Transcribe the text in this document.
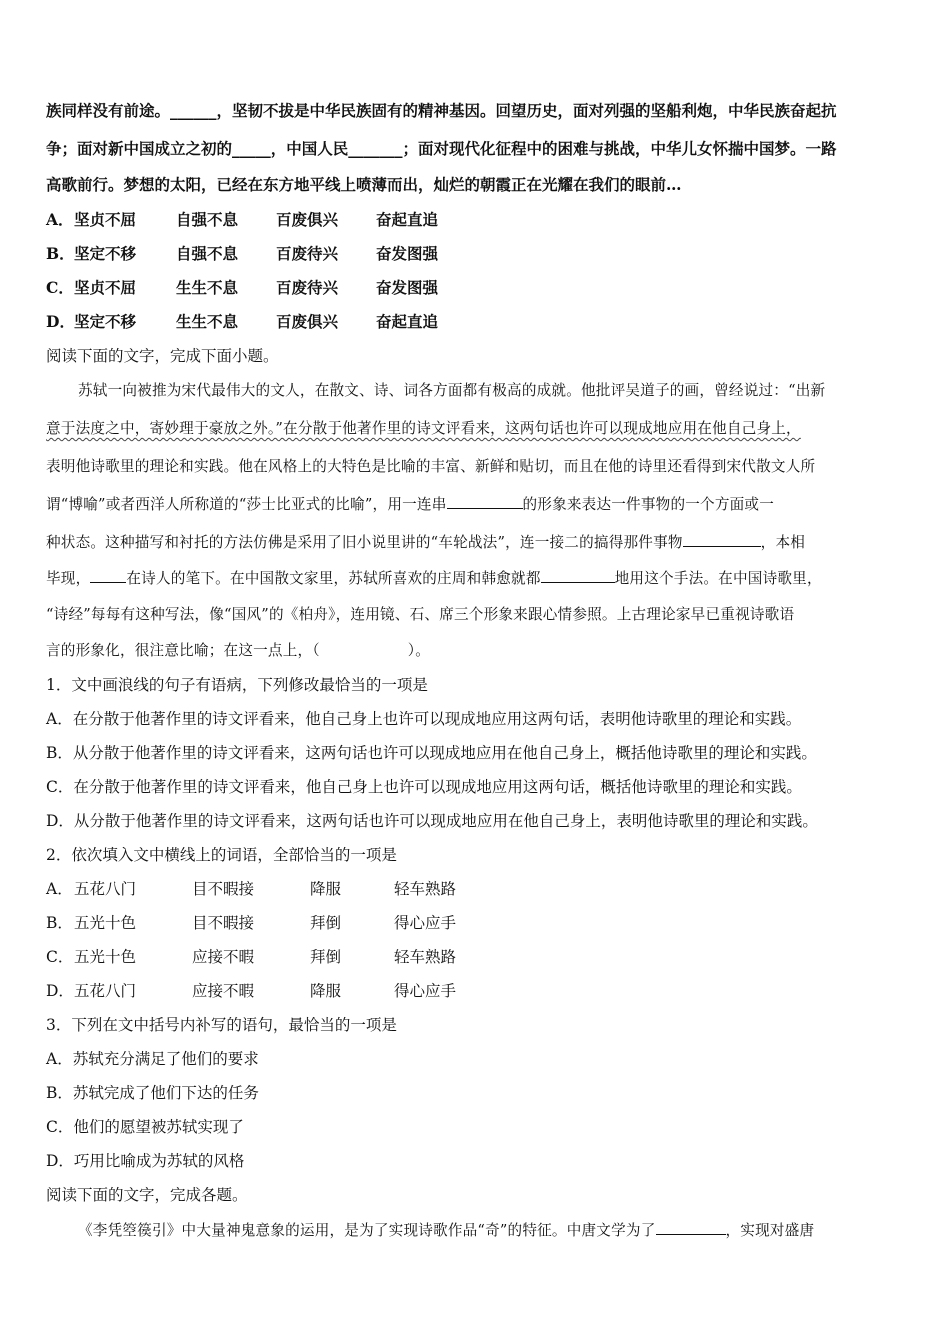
族同样没有前途。______，坚韧不拔是中华民族固有的精神基因。回望历史，面对列强的坚船利炮，中华民族奋起抗
争；面对新中国成立之初的_____，中国人民_______；面对现代化征程中的困难与挑战，中华儿女怀揣中国梦。一路
高歌前行。梦想的太阳，已经在东方地平线上喷薄而出，灿烂的朝霞正在光耀在我们的眼前…
A．坚贞不屈	自强不息 百废俱兴 奋起直追
B．坚定不移	自强不息 百废待兴 奋发图强
C．坚贞不屈	生生不息 百废待兴 奋发图强
D．坚定不移	生生不息 百废俱兴 奋起直追
阅读下面的文字，完成下面小题。
苏轼一向被推为宋代最伟大的文人，在散文、诗、词各方面都有极高的成就。他批评吴道子的画，曾经说过：“出新
意于法度之中，寄妙理于豪放之外。”在分散于他著作里的诗文评看来，这两句话也许可以现成地应用在他自己身上，
表明他诗歌里的理论和实践。他在风格上的大特色是比喻的丰富、新鲜和贴切，而且在他的诗里还看得到宋代散文人所
谓“博喻”或者西洋人所称道的“莎士比亚式的比喻”，用一连串	的形象来表达一件事物的一个方面或一
种状态。这种描写和衬托的方法仿佛是采用了旧小说里讲的“车轮战法”，连一接二的搞得那件事物	，本相
毕现， 在诗人的笔下。在中国散文家里，苏轼所喜欢的庄周和韩愈就都	地用这个手法。在中国诗歌里，
“诗经”每每有这种写法，像“国风”的《柏舟》，连用镜、石、席三个形象来跟心情参照。上古理论家早已重视诗歌语
言的形象化，很注意比喻；在这一点上，（	）。
1．文中画浪线的句子有语病，下列修改最恰当的一项是
A．在分散于他著作里的诗文评看来，他自己身上也许可以现成地应用这两句话，表明他诗歌里的理论和实践。
B．从分散于他著作里的诗文评看来，这两句话也许可以现成地应用在他自己身上，概括他诗歌里的理论和实践。
C．在分散于他著作里的诗文评看来，他自己身上也许可以现成地应用这两句话，概括他诗歌里的理论和实践。
D．从分散于他著作里的诗文评看来，这两句话也许可以现成地应用在他自己身上，表明他诗歌里的理论和实践。
2．依次填入文中横线上的词语，全部恰当的一项是
A．五花八门	目不暇接	降服	轻车熟路
B．五光十色	目不暇接	拜倒	得心应手
C．五光十色	应接不暇	拜倒	轻车熟路
D．五花八门	应接不暇	降服	得心应手
3．下列在文中括号内补写的语句，最恰当的一项是
A．苏轼充分满足了他们的要求
B．苏轼完成了他们下达的任务
C．他们的愿望被苏轼实现了
D．巧用比喻成为苏轼的风格
阅读下面的文字，完成各题。
《李凭箜篌引》中大量神鬼意象的运用，是为了实现诗歌作品“奇”的特征。中唐文学为了	，实现对盛唐
